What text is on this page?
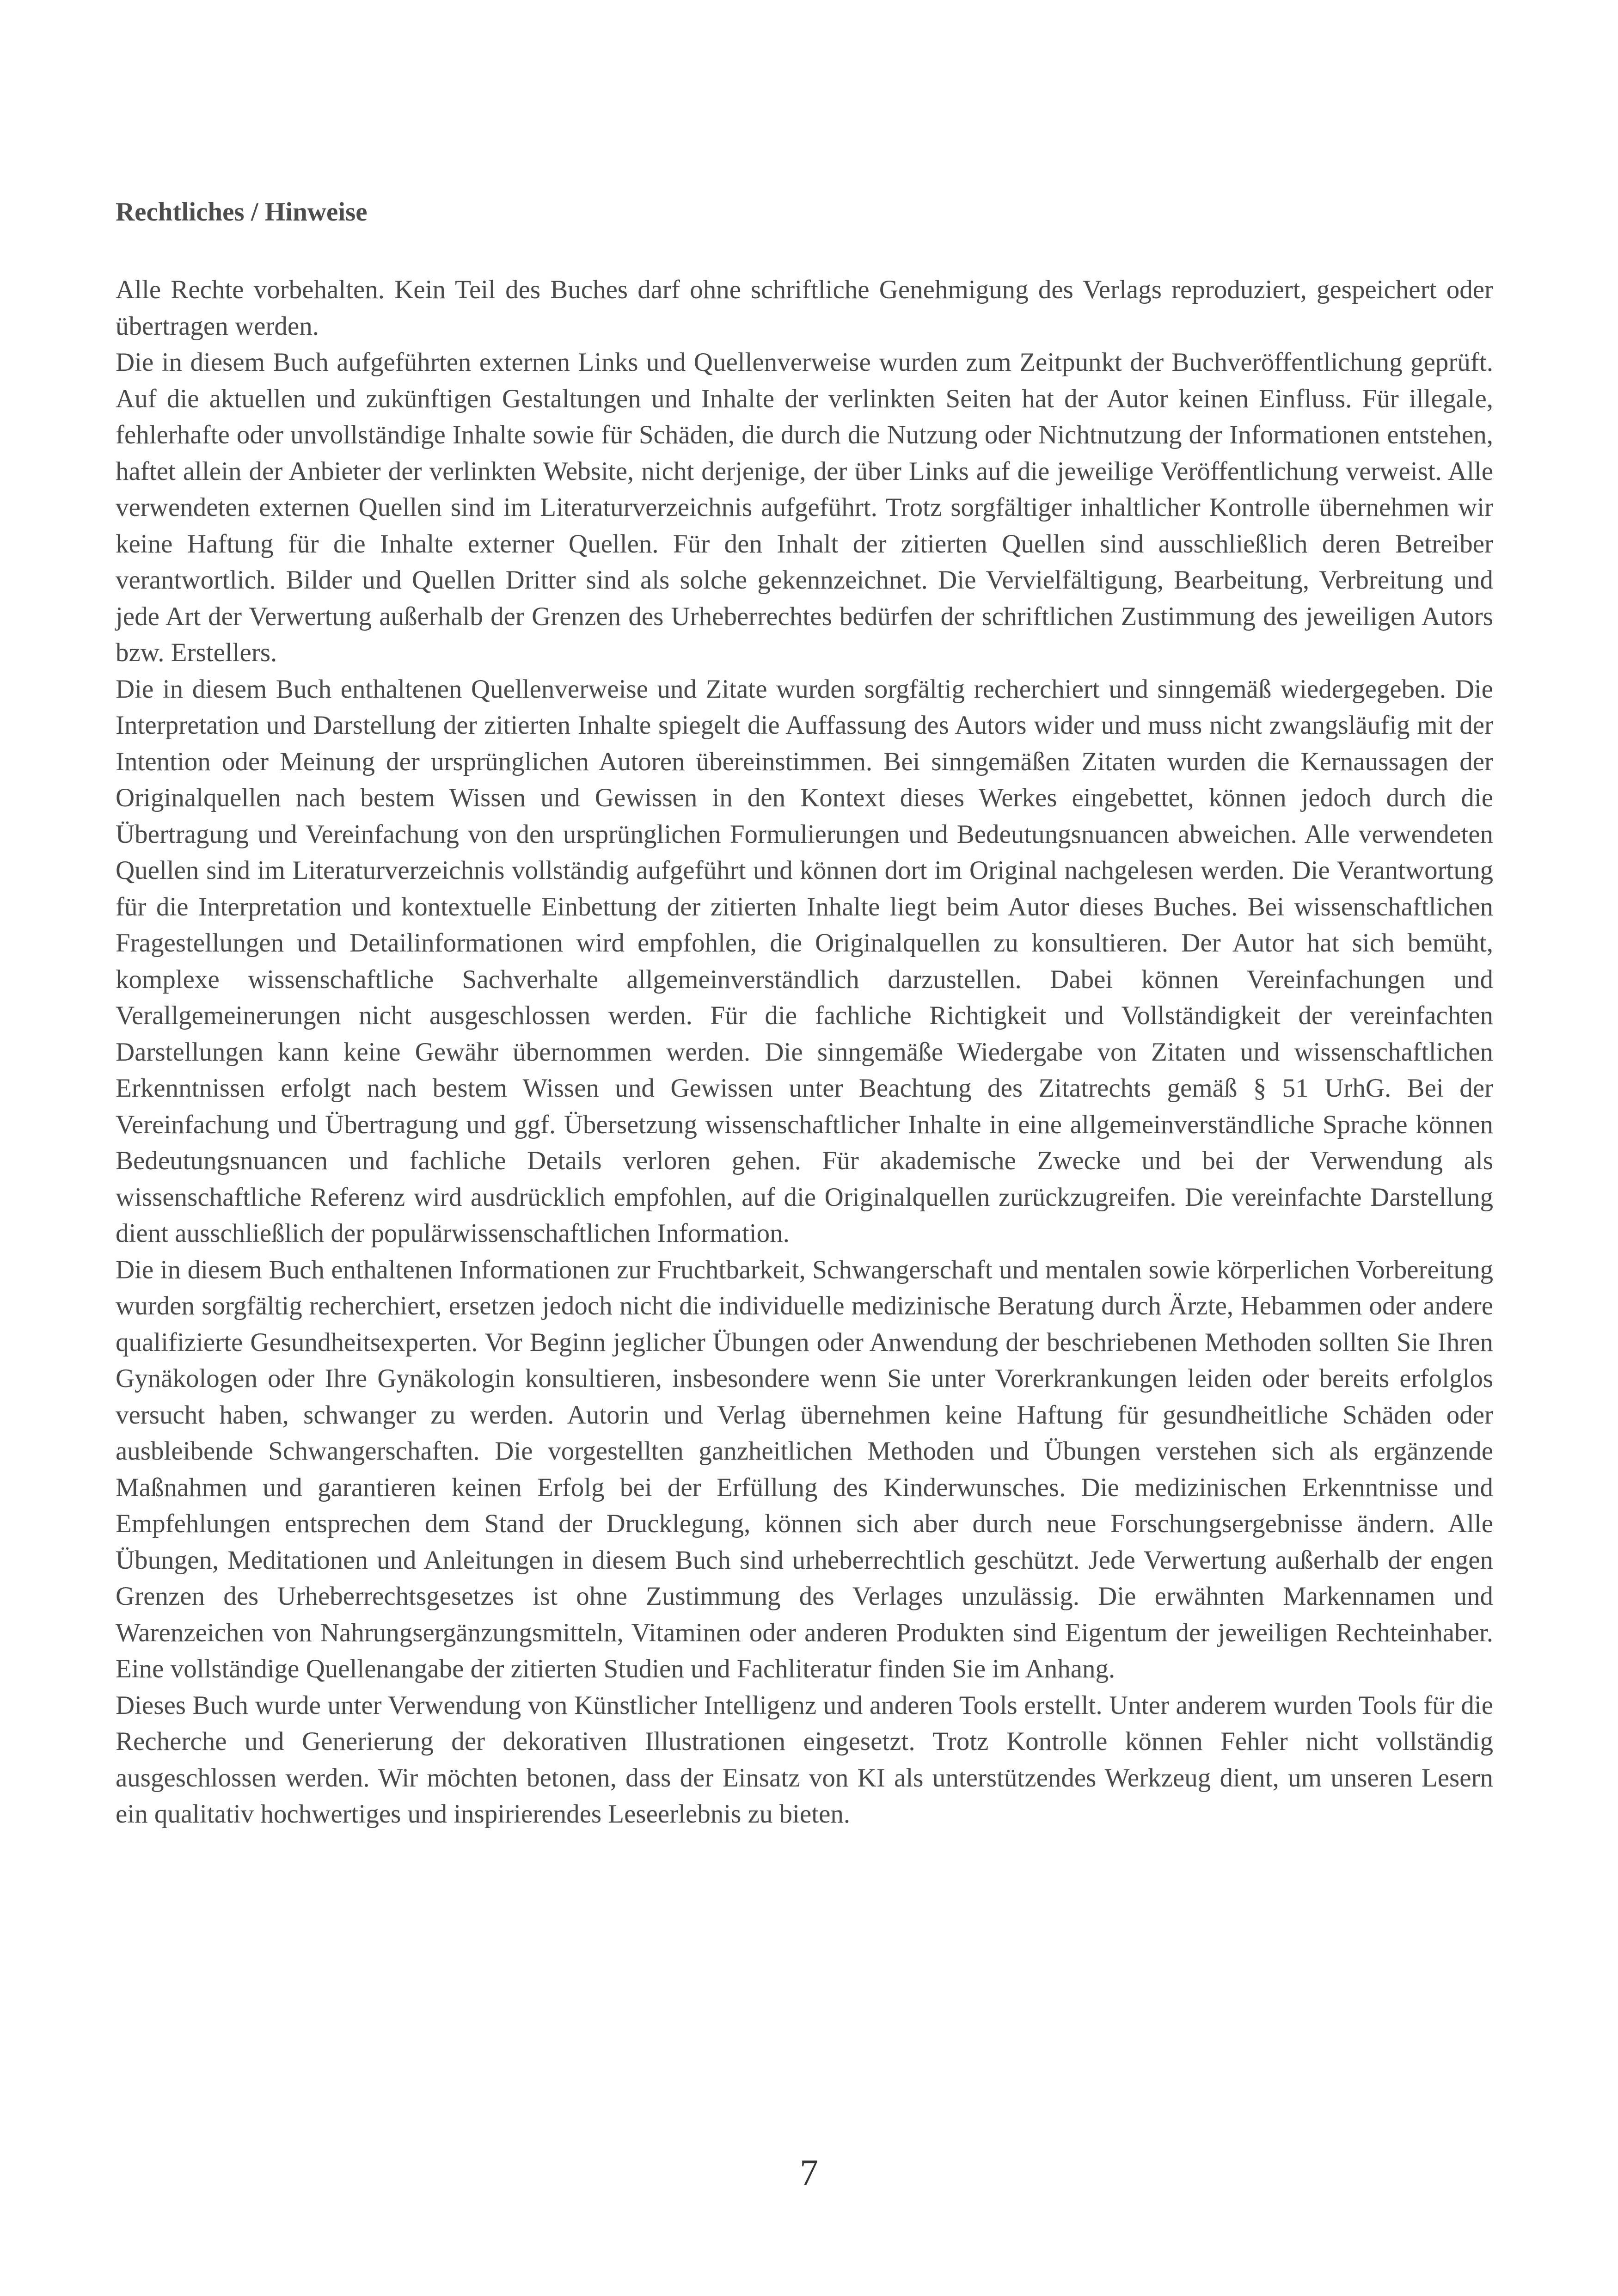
Rechtliches / Hinweise

Alle Rechte vorbehalten. Kein Teil des Buches darf ohne schriftliche Genehmigung des Verlags reproduziert, gespeichert oder übertragen werden.

Die in diesem Buch aufgeführten externen Links und Quellenverweise wurden zum Zeitpunkt der Buchveröffentlichung geprüft. Auf die aktuellen und zukünftigen Gestaltungen und Inhalte der verlinkten Seiten hat der Autor keinen Einfluss. Für illegale, fehlerhafte oder unvollständige Inhalte sowie für Schäden, die durch die Nutzung oder Nichtnutzung der Informationen entstehen, haftet allein der Anbieter der verlinkten Website, nicht derjenige, der über Links auf die jeweilige Veröffentlichung verweist. Alle verwendeten externen Quellen sind im Literaturverzeichnis aufgeführt. Trotz sorgfältiger inhaltlicher Kontrolle übernehmen wir keine Haftung für die Inhalte externer Quellen. Für den Inhalt der zitierten Quellen sind ausschließlich deren Betreiber verantwortlich. Bilder und Quellen Dritter sind als solche gekennzeichnet. Die Vervielfältigung, Bearbeitung, Verbreitung und jede Art der Verwertung außerhalb der Grenzen des Urheberrechtes bedürfen der schriftlichen Zustimmung des jeweiligen Autors bzw. Erstellers.

Die in diesem Buch enthaltenen Quellenverweise und Zitate wurden sorgfältig recherchiert und sinngemäß wiedergegeben. Die Interpretation und Darstellung der zitierten Inhalte spiegelt die Auffassung des Autors wider und muss nicht zwangsläufig mit der Intention oder Meinung der ursprünglichen Autoren übereinstimmen. Bei sinngemäßen Zitaten wurden die Kernaussagen der Originalquellen nach bestem Wissen und Gewissen in den Kontext dieses Werkes eingebettet, können jedoch durch die Übertragung und Vereinfachung von den ursprünglichen Formulierungen und Bedeutungsnuancen abweichen. Alle verwendeten Quellen sind im Literaturverzeichnis vollständig aufgeführt und können dort im Original nachgelesen werden. Die Verantwortung für die Interpretation und kontextuelle Einbettung der zitierten Inhalte liegt beim Autor dieses Buches. Bei wissenschaftlichen Fragestellungen und Detailinformationen wird empfohlen, die Originalquellen zu konsultieren. Der Autor hat sich bemüht, komplexe wissenschaftliche Sachverhalte allgemeinverständlich darzustellen. Dabei können Vereinfachungen und Verallgemeinerungen nicht ausgeschlossen werden. Für die fachliche Richtigkeit und Vollständigkeit der vereinfachten Darstellungen kann keine Gewähr übernommen werden. Die sinngemäße Wiedergabe von Zitaten und wissenschaftlichen Erkenntnissen erfolgt nach bestem Wissen und Gewissen unter Beachtung des Zitatrechts gemäß § 51 UrhG. Bei der Vereinfachung und Übertragung und ggf. Übersetzung wissenschaftlicher Inhalte in eine allgemeinverständliche Sprache können Bedeutungsnuancen und fachliche Details verloren gehen. Für akademische Zwecke und bei der Verwendung als wissenschaftliche Referenz wird ausdrücklich empfohlen, auf die Originalquellen zurückzugreifen. Die vereinfachte Darstellung dient ausschließlich der populärwissenschaftlichen Information.

Die in diesem Buch enthaltenen Informationen zur Fruchtbarkeit, Schwangerschaft und mentalen sowie körperlichen Vorbereitung wurden sorgfältig recherchiert, ersetzen jedoch nicht die individuelle medizinische Beratung durch Ärzte, Hebammen oder andere qualifizierte Gesundheitsexperten. Vor Beginn jeglicher Übungen oder Anwendung der beschriebenen Methoden sollten Sie Ihren Gynäkologen oder Ihre Gynäkologin konsultieren, insbesondere wenn Sie unter Vorerkrankungen leiden oder bereits erfolglos versucht haben, schwanger zu werden. Autorin und Verlag übernehmen keine Haftung für gesundheitliche Schäden oder ausbleibende Schwangerschaften. Die vorgestellten ganzheitlichen Methoden und Übungen verstehen sich als ergänzende Maßnahmen und garantieren keinen Erfolg bei der Erfüllung des Kinderwunsches. Die medizinischen Erkenntnisse und Empfehlungen entsprechen dem Stand der Drucklegung, können sich aber durch neue Forschungsergebnisse ändern. Alle Übungen, Meditationen und Anleitungen in diesem Buch sind urheberrechtlich geschützt. Jede Verwertung außerhalb der engen Grenzen des Urheberrechtsgesetzes ist ohne Zustimmung des Verlages unzulässig. Die erwähnten Markennamen und Warenzeichen von Nahrungsergänzungsmitteln, Vitaminen oder anderen Produkten sind Eigentum der jeweiligen Rechteinhaber. Eine vollständige Quellenangabe der zitierten Studien und Fachliteratur finden Sie im Anhang.

Dieses Buch wurde unter Verwendung von Künstlicher Intelligenz und anderen Tools erstellt. Unter anderem wurden Tools für die Recherche und Generierung der dekorativen Illustrationen eingesetzt. Trotz Kontrolle können Fehler nicht vollständig ausgeschlossen werden. Wir möchten betonen, dass der Einsatz von KI als unterstützendes Werkzeug dient, um unseren Lesern ein qualitativ hochwertiges und inspirierendes Leseerlebnis zu bieten.

7
